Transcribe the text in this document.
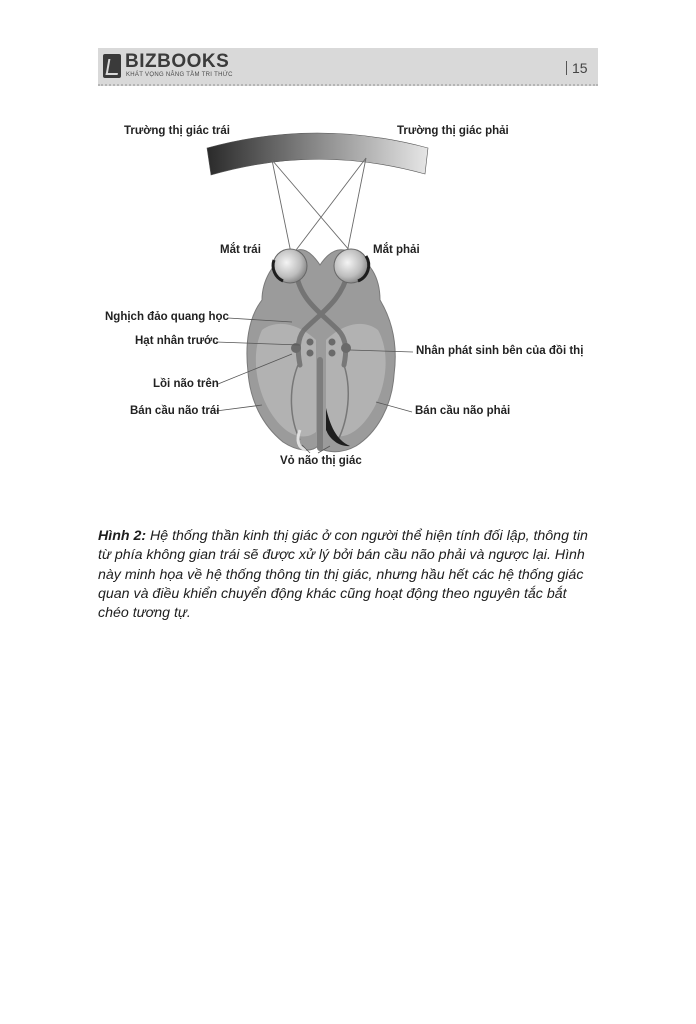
BIZBOOKS
KHÁT VỌNG NÂNG TẦM TRI THỨC	15
Trường thị giác trái	Trường thị giác phải
Mắt trái	Mắt phải
Nghịch đảo quang học
Hạt nhân trước
Nhân phát sinh bên của đồi thị
Lồi não trên
Bán cầu não trái	Bán cầu não phải
Vỏ não thị giác

Hình 2: Hệ thống thần kinh thị giác ở con người thể hiện tính đối lập, thông tin từ phía không gian trái sẽ được xử lý bởi bán cầu não phải và ngược lại. Hình này minh họa về hệ thống thông tin thị giác, nhưng hầu hết các hệ thống giác quan và điều khiển chuyển động khác cũng hoạt động theo nguyên tắc bắt chéo tương tự.
